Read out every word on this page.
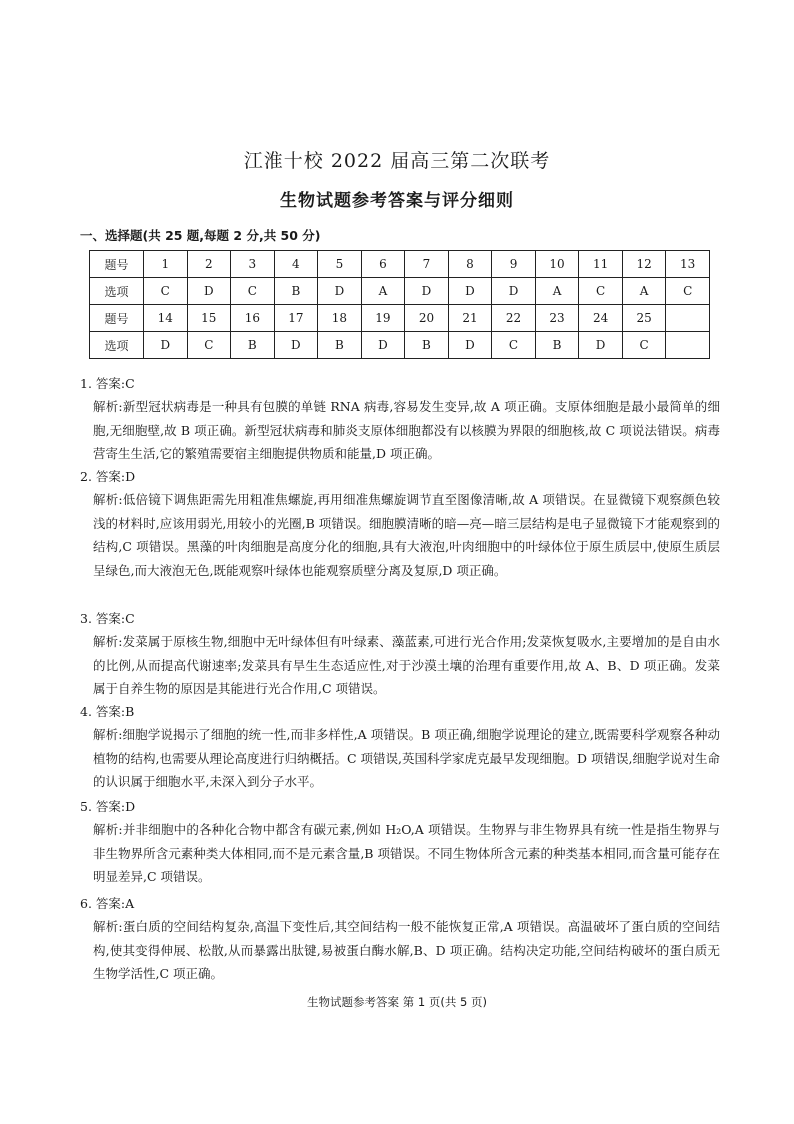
江淮十校 2022 届高三第二次联考
生物试题参考答案与评分细则
一、选择题(共 25 题,每题 2 分,共 50 分)
题号	1	2	3	4	5	6	7	8	9	10	11	12	13
选项	C	D	C	B	D	A	D	D	D	A	C	A	C
题号	14	15	16	17	18	19	20	21	22	23	24	25	
选项	D	C	B	D	B	D	B	D	C	B	D	C	

1. 答案:C

解析:新型冠状病毒是一种具有包膜的单链 RNA 病毒,容易发生变异,故 A 项正确。支原体细胞是最小最简单的细胞,无细胞壁,故 B 项正确。新型冠状病毒和肺炎支原体细胞都没有以核膜为界限的细胞核,故 C 项说法错误。病毒营寄生生活,它的繁殖需要宿主细胞提供物质和能量,D 项正确。

2. 答案:D

解析:低倍镜下调焦距需先用粗准焦螺旋,再用细准焦螺旋调节直至图像清晰,故 A 项错误。在显微镜下观察颜色较浅的材料时,应该用弱光,用较小的光圈,B 项错误。细胞膜清晰的暗—亮—暗三层结构是电子显微镜下才能观察到的结构,C 项错误。黑藻的叶肉细胞是高度分化的细胞,具有大液泡,叶肉细胞中的叶绿体位于原生质层中,使原生质层呈绿色,而大液泡无色,既能观察叶绿体也能观察质壁分离及复原,D 项正确。

3. 答案:C

解析:发菜属于原核生物,细胞中无叶绿体但有叶绿素、藻蓝素,可进行光合作用;发菜恢复吸水,主要增加的是自由水的比例,从而提高代谢速率;发菜具有旱生生态适应性,对于沙漠土壤的治理有重要作用,故 A、B、D 项正确。发菜属于自养生物的原因是其能进行光合作用,C 项错误。

4. 答案:B

解析:细胞学说揭示了细胞的统一性,而非多样性,A 项错误。B 项正确,细胞学说理论的建立,既需要科学观察各种动植物的结构,也需要从理论高度进行归纳概括。C 项错误,英国科学家虎克最早发现细胞。D 项错误,细胞学说对生命的认识属于细胞水平,未深入到分子水平。

5. 答案:D

解析:并非细胞中的各种化合物中都含有碳元素,例如 H₂O,A 项错误。生物界与非生物界具有统一性是指生物界与非生物界所含元素种类大体相同,而不是元素含量,B 项错误。不同生物体所含元素的种类基本相同,而含量可能存在明显差异,C 项错误。

6. 答案:A

解析:蛋白质的空间结构复杂,高温下变性后,其空间结构一般不能恢复正常,A 项错误。高温破坏了蛋白质的空间结构,使其变得伸展、松散,从而暴露出肽键,易被蛋白酶水解,B、D 项正确。结构决定功能,空间结构破坏的蛋白质无生物学活性,C 项正确。

生物试题参考答案 第 1 页(共 5 页)
